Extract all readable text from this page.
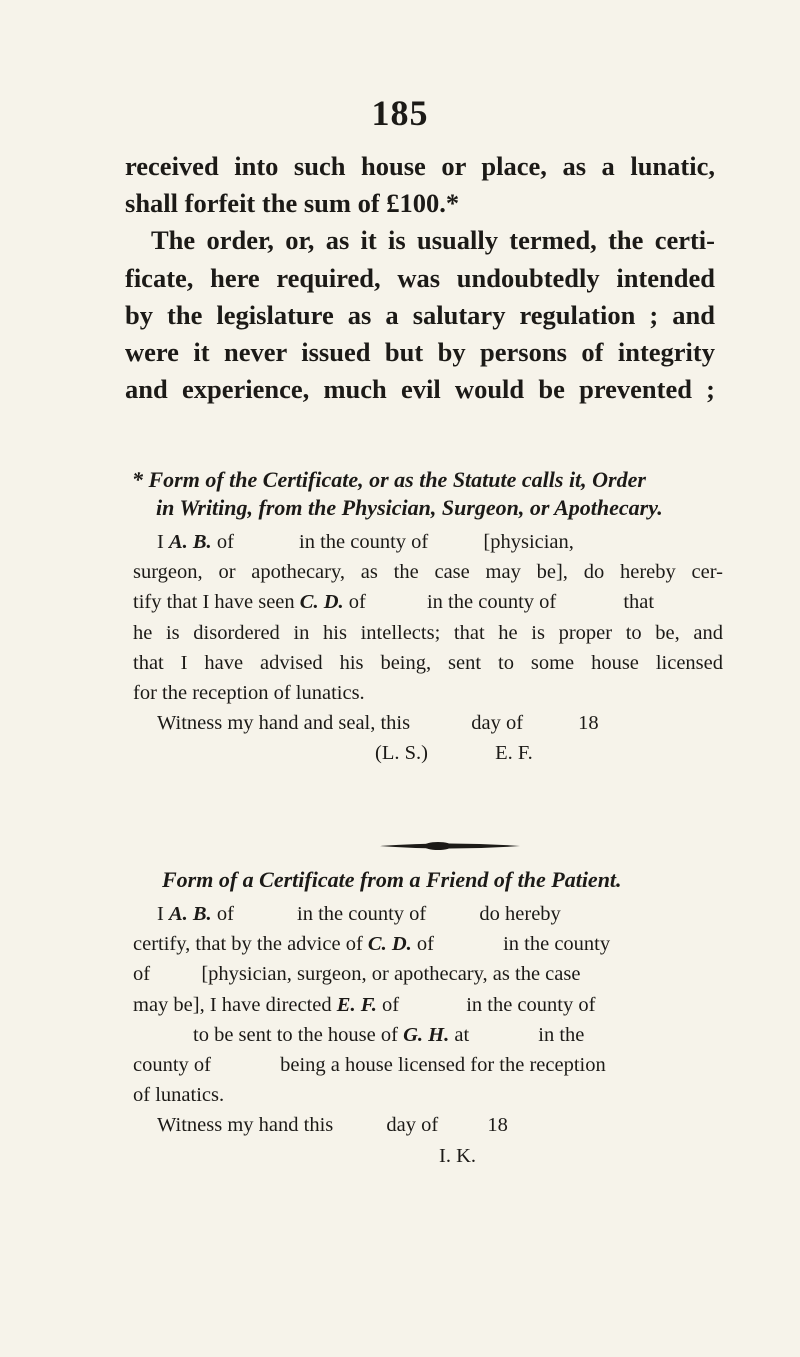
185
received into such house or place, as a lunatic,
shall forfeit the sum of £100.*
The order, or, as it is usually termed, the certi-
ficate, here required, was undoubtedly intended
by the legislature as a salutary regulation ; and
were it never issued but by persons of integrity
and experience, much evil would be prevented ;
* Form of the Certificate, or as the Statute calls it, Order
in Writing, from the Physician, Surgeon, or Apothecary.
I A. B. of	in the county of	[physician,
surgeon, or apothecary, as the case may be], do hereby cer-
tify that I have seen C. D. of	in the county of	that
he is disordered in his intellects; that he is proper to be, and
that I have advised his being, sent to some house licensed
for the reception of lunatics.
Witness my hand and seal, this	day of	18
(L. S.)	E. F.
Form of a Certificate from a Friend of the Patient.
I A. B. of	in the county of	do hereby
certify, that by the advice of C. D. of	in the county
of          [physician, surgeon, or apothecary, as the case
may be], I have directed E. F. of	in the county of
to be sent to the house of G. H. at	in the
county of	being a house licensed for the reception
of lunatics.
Witness my hand this	day of 18
I. K.
